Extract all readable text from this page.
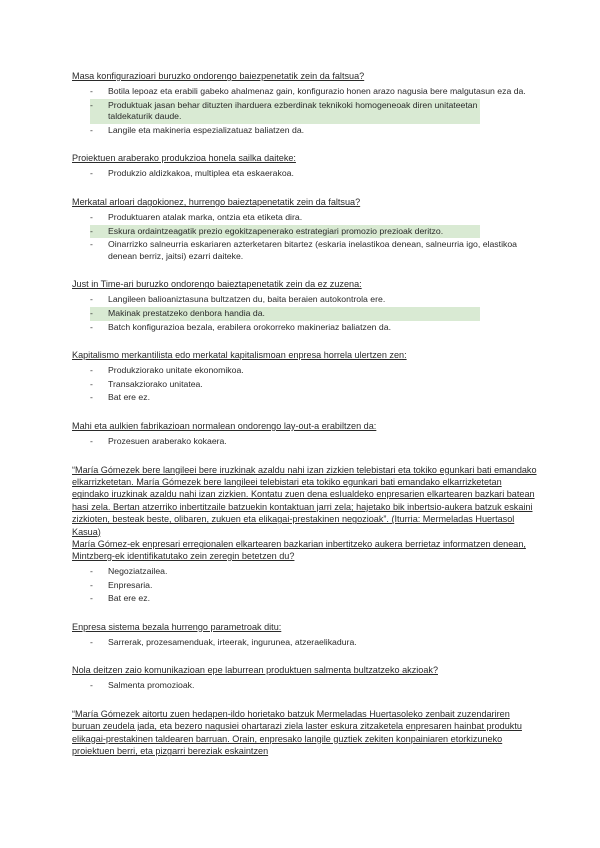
Masa konfigurazioari buruzko ondorengo baiezpenetatik zein da faltsua?

- Botila lepoaz eta erabili gabeko ahalmenaz gain, konfigurazio honen arazo nagusia bere malgutasun eza da.
- Produktuak jasan behar dituzten iharduera ezberdinak teknikoki homogeneoak diren unitateetan taldekaturik daude.
- Langile eta makineria espezializatuaz baliatzen da.

Proiektuen araberako produkzioa honela sailka daiteke:

- Produkzio aldizkakoa, multiplea eta eskaerakoa.

Merkatal arloari dagokionez, hurrengo baieztapenetatik zein da faltsua?

- Produktuaren atalak marka, ontzia eta etiketa dira.
- Eskura ordaintzeagatik prezio egokitzapenerako estrategiari promozio prezioak deritzo.
- Oinarrizko salneurria eskariaren azterketaren bitartez (eskaria inelastikoa denean, salneurria igo, elastikoa denean berriz, jaitsi) ezarri daiteke.

Just in Time-ari buruzko ondorengo baieztapenetatik zein da ez zuzena:

- Langileen balioaniztasuna bultzatzen du, baita beraien autokontrola ere.
- Makinak prestatzeko denbora handia da.
- Batch konfigurazioa bezala, erabilera orokorreko makineriaz baliatzen da.

Kapitalismo merkantilista edo merkatal kapitalismoan enpresa horrela ulertzen zen:

- Produkziorako unitate ekonomikoa.
- Transakziorako unitatea.
- Bat ere ez.

Mahi eta aulkien fabrikazioan normalean ondorengo lay-out-a erabiltzen da:

- Prozesuen araberako kokaera.

“María Gómezek bere langileei bere iruzkinak azaldu nahi izan zizkien telebistari eta tokiko egunkari bati emandako elkarrizketetan. María Gómezek bere langileei telebistari eta tokiko egunkari bati emandako elkarrizketetan egindako iruzkinak azaldu nahi izan zizkien. Kontatu zuen dena esIualdeko enpresarien elkartearen bazkari batean hasi zela. Bertan atzerriko inbertitzaile batzuekin kontaktuan jarri zela; hajetako bik inbertsio-aukera batzuk eskaini zizkioten, besteak beste, olibaren, zukuen eta elikagai-prestakinen negozioak”. (Iturria: Mermeladas Huertasol Kasua)

María Gómez-ek enpresari erregionalen elkartearen bazkarian inbertitzeko aukera berrietaz informatzen denean, Mintzberg-ek identifikatutako zein zeregin betetzen du?

- Negoziatzailea.
- Enpresaria.
- Bat ere ez.

Enpresa sistema bezala hurrengo parametroak ditu:

- Sarrerak, prozesamenduak, irteerak, ingurunea, atzeraelikadura.

Nola deitzen zaio komunikazioan epe laburrean produktuen salmenta bultzatzeko akzioak?

- Salmenta promozioak.

“María Gómezek aitortu zuen hedapen-ildo horietako batzuk Mermeladas Huertasoleko zenbait zuzendariren buruan zeudela jada, eta bezero nagusiei ohartarazi ziela laster eskura zitzaketela enpresaren hainbat produktu elikagai-prestakinen taldearen barruan. Orain, enpresako langile guztiek zekiten konpainiaren etorkizuneko proiektuen berri, eta pizgarri bereziak eskaintzen
